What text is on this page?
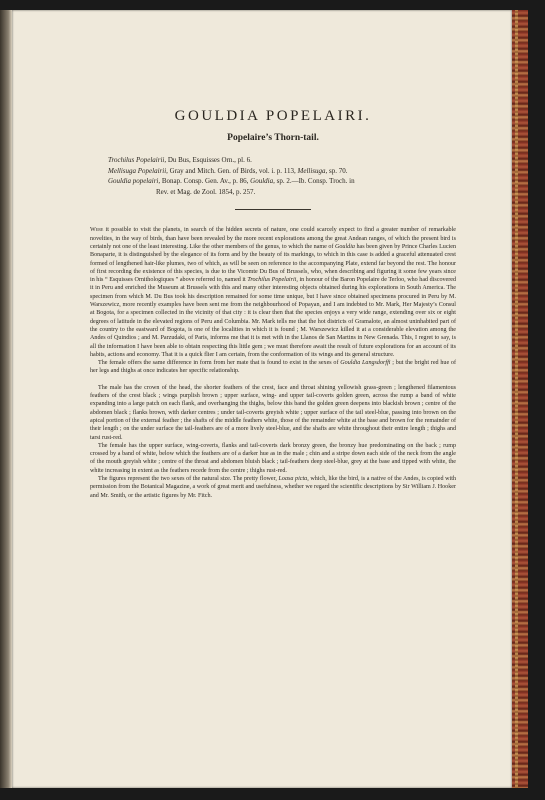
GOULDIA POPELAIRI.
Popelaire’s Thorn-tail.
Trochilus Popelairii, Du Bus, Esquisses Orn., pl. 6.
Mellisuga Popelairii, Gray and Mitch. Gen. of Birds, vol. i. p. 113, Mellisuga, sp. 70.
Gouldia popelairi, Bonap. Consp. Gen. Av., p. 86, Gouldia, sp. 2.—Ib. Consp. Troch. in
Rev. et Mag. de Zool. 1854, p. 257.

Were it possible to visit the planets, in search of the hidden secrets of nature, one could scarcely expect to find a greater number of remarkable novelties, in the way of birds, than have been revealed by the more recent explorations among the great Andean ranges, of which the present bird is certainly not one of the least interesting. Like the other members of the genus, to which the name of Gouldia has been given by Prince Charles Lucien Bonaparte, it is distinguished by the elegance of its form and by the beauty of its markings, to which in this case is added a graceful attenuated crest formed of lengthened hair-like plumes, two of which, as will be seen on reference to the accompanying Plate, extend far beyond the rest. The honour of first recording the existence of this species, is due to the Vicomte Du Bus of Brussels, who, when describing and figuring it some few years since in his “ Esquisses Ornithologiques ” above referred to, named it Trochilus Popelairii, in honour of the Baron Popelaire de Terloo, who had discovered it in Peru and enriched the Museum at Brussels with this and many other interesting objects obtained during his explorations in South America. The specimen from which M. Du Bus took his description remained for some time unique, but I have since obtained specimens procured in Peru by M. Warszewicz, more recently examples have been sent me from the neighbourhood of Popayan, and I am indebted to Mr. Mark, Her Majesty’s Consul at Bogota, for a specimen collected in the vicinity of that city : it is clear then that the species enjoys a very wide range, extending over six or eight degrees of latitude in the elevated regions of Peru and Columbia. Mr. Mark tells me that the hot districts of Gramalote, an almost uninhabited part of the country to the eastward of Bogota, is one of the localities in which it is found ; M. Warszewicz killed it at a considerable elevation among the Andes of Quindios ; and M. Parzudaki, of Paris, informs me that it is met with in the Llanos de San Martins in New Grenada. This, I regret to say, is all the information I have been able to obtain respecting this little gem ; we must therefore await the result of future explorations for an account of its habits, actions and economy. That it is a quick flier I am certain, from the conformation of its wings and its general structure.

The female offers the same difference in form from her mate that is found to exist in the sexes of Gouldia Langsdorffi ; but the bright red hue of her legs and thighs at once indicates her specific relationship.

The male has the crown of the head, the shorter feathers of the crest, face and throat shining yellowish grass-green ; lengthened filamentous feathers of the crest black ; wings purplish brown ; upper surface, wing- and upper tail-coverts golden green, across the rump a band of white expanding into a large patch on each flank, and overhanging the thighs, below this band the golden green deepens into blackish brown ; centre of the abdomen black ; flanks brown, with darker centres ; under tail-coverts greyish white ; upper surface of the tail steel-blue, passing into brown on the apical portion of the external feather ; the shafts of the middle feathers white, those of the remainder white at the base and brown for the remainder of their length ; on the under surface the tail-feathers are of a more lively steel-blue, and the shafts are white throughout their entire length ; thighs and tarsi rust-red.

The female has the upper surface, wing-coverts, flanks and tail-coverts dark bronzy green, the bronzy hue predominating on the back ; rump crossed by a band of white, below which the feathers are of a darker hue as in the male ; chin and a stripe down each side of the neck from the angle of the mouth greyish white ; centre of the throat and abdomen bluish black ; tail-feathers deep steel-blue, grey at the base and tipped with white, the white increasing in extent as the feathers recede from the centre ; thighs rust-red.

The figures represent the two sexes of the natural size. The pretty flower, Loasa picta, which, like the bird, is a native of the Andes, is copied with permission from the Botanical Magazine, a work of great merit and usefulness, whether we regard the scientific descriptions by Sir William J. Hooker and Mr. Smith, or the artistic figures by Mr. Fitch.
